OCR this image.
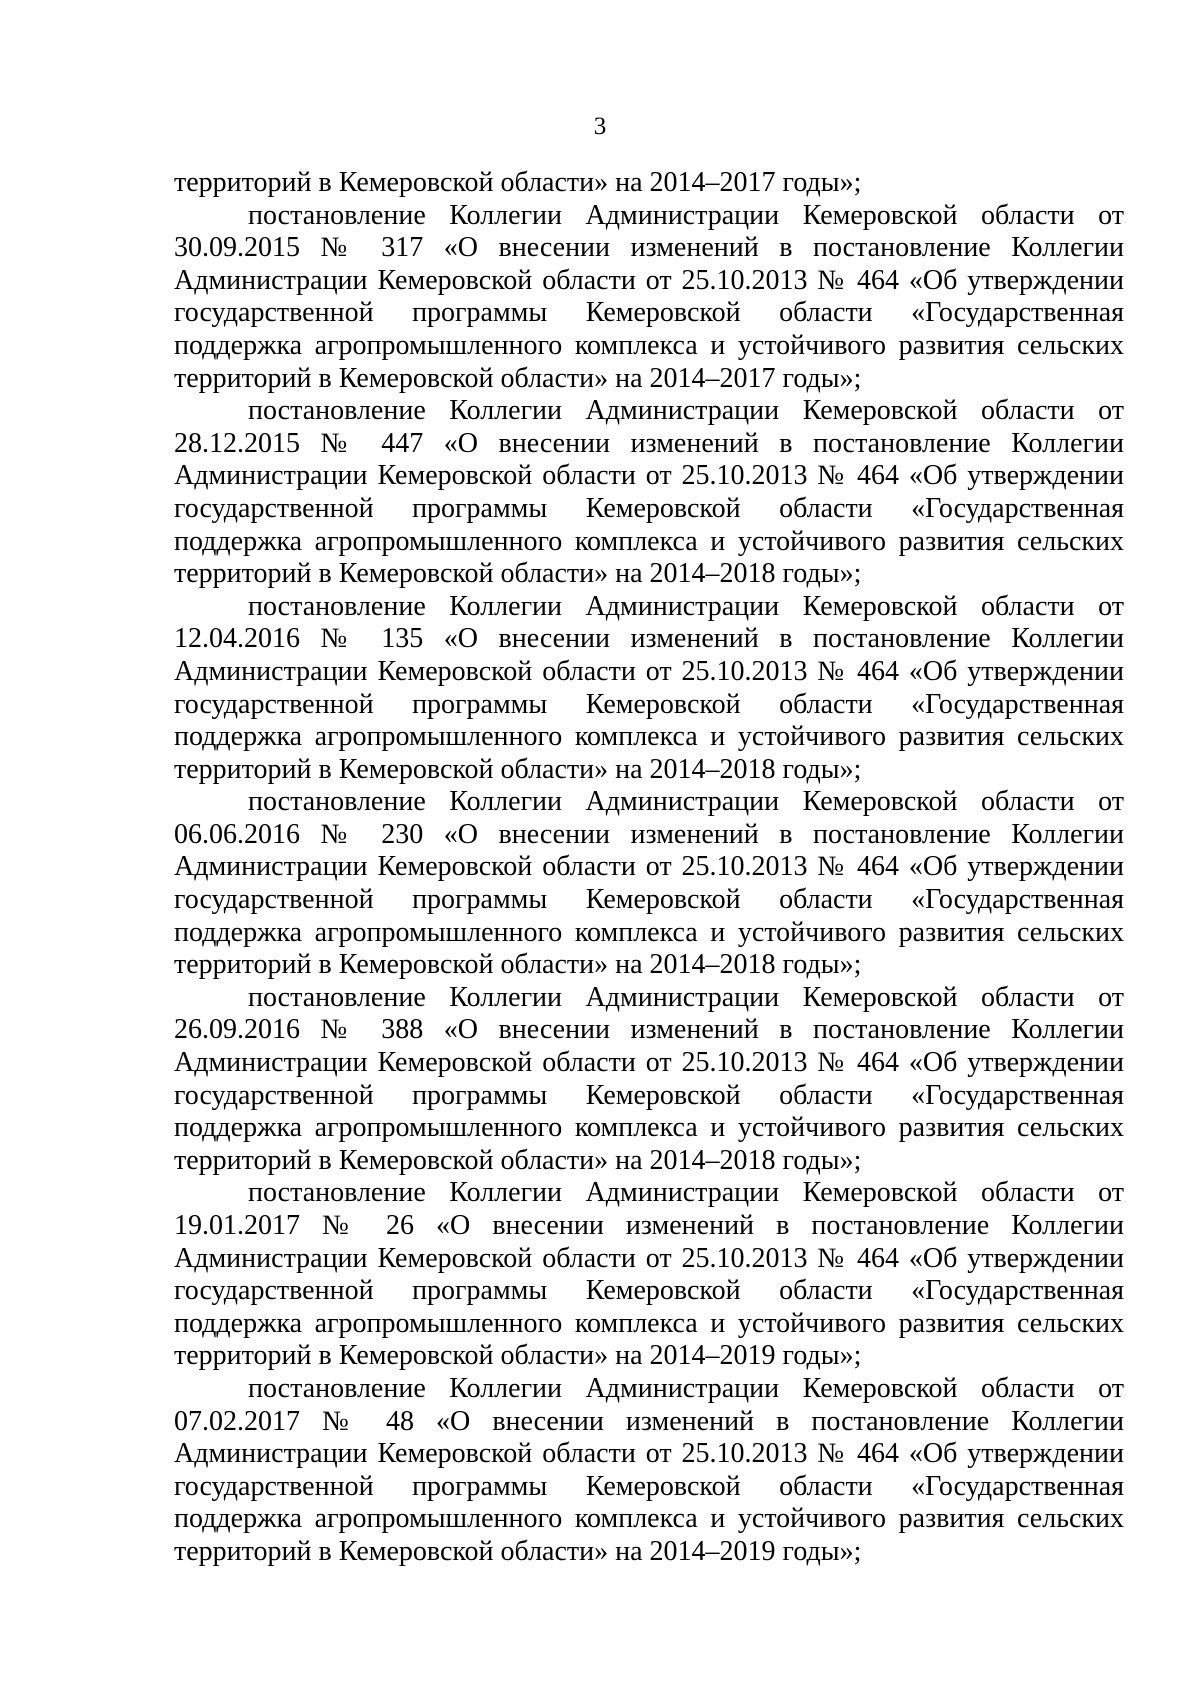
3

территорий в Кемеровской области» на 2014–2017 годы»;

постановление Коллегии Администрации Кемеровской области от 30.09.2015 № 317 «О внесении изменений в постановление Коллегии Администрации Кемеровской области от 25.10.2013 № 464 «Об утверждении государственной программы Кемеровской области «Государственная поддержка агропромышленного комплекса и устойчивого развития сельских территорий в Кемеровской области» на 2014–2017 годы»;

постановление Коллегии Администрации Кемеровской области от 28.12.2015 № 447 «О внесении изменений в постановление Коллегии Администрации Кемеровской области от 25.10.2013 № 464 «Об утверждении государственной программы Кемеровской области «Государственная поддержка агропромышленного комплекса и устойчивого развития сельских территорий в Кемеровской области» на 2014–2018 годы»;

постановление Коллегии Администрации Кемеровской области от 12.04.2016 № 135 «О внесении изменений в постановление Коллегии Администрации Кемеровской области от 25.10.2013 № 464 «Об утверждении государственной программы Кемеровской области «Государственная поддержка агропромышленного комплекса и устойчивого развития сельских территорий в Кемеровской области» на 2014–2018 годы»;

постановление Коллегии Администрации Кемеровской области от 06.06.2016 № 230 «О внесении изменений в постановление Коллегии Администрации Кемеровской области от 25.10.2013 № 464 «Об утверждении государственной программы Кемеровской области «Государственная поддержка агропромышленного комплекса и устойчивого развития сельских территорий в Кемеровской области» на 2014–2018 годы»;

постановление Коллегии Администрации Кемеровской области от 26.09.2016 № 388 «О внесении изменений в постановление Коллегии Администрации Кемеровской области от 25.10.2013 № 464 «Об утверждении государственной программы Кемеровской области «Государственная поддержка агропромышленного комплекса и устойчивого развития сельских территорий в Кемеровской области» на 2014–2018 годы»;

постановление Коллегии Администрации Кемеровской области от 19.01.2017 № 26 «О внесении изменений в постановление Коллегии Администрации Кемеровской области от 25.10.2013 № 464 «Об утверждении государственной программы Кемеровской области «Государственная поддержка агропромышленного комплекса и устойчивого развития сельских территорий в Кемеровской области» на 2014–2019 годы»;

постановление Коллегии Администрации Кемеровской области от 07.02.2017 № 48 «О внесении изменений в постановление Коллегии Администрации Кемеровской области от 25.10.2013 № 464 «Об утверждении государственной программы Кемеровской области «Государственная поддержка агропромышленного комплекса и устойчивого развития сельских территорий в Кемеровской области» на 2014–2019 годы»;
